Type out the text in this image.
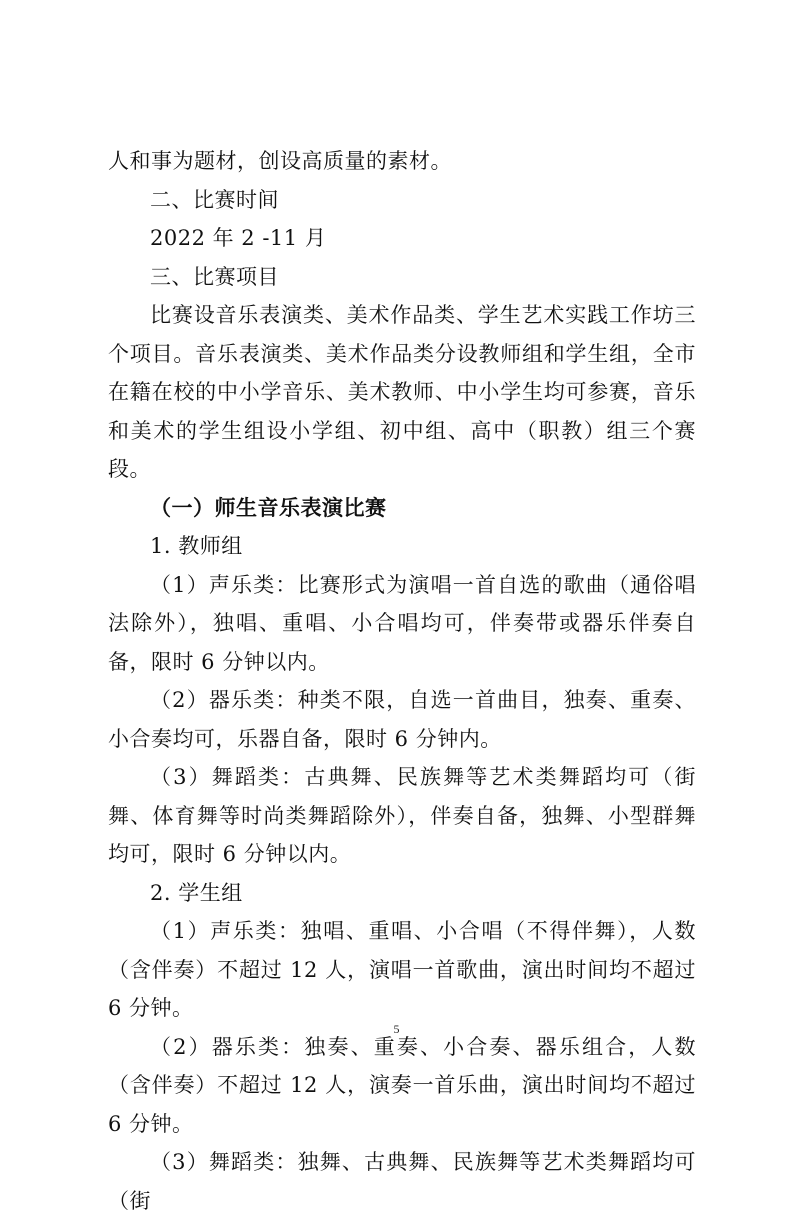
人和事为题材，创设高质量的素材。

二、比赛时间

2022 年 2 -11 月

三、比赛项目

比赛设音乐表演类、美术作品类、学生艺术实践工作坊三个项目。音乐表演类、美术作品类分设教师组和学生组，全市在籍在校的中小学音乐、美术教师、中小学生均可参赛，音乐和美术的学生组设小学组、初中组、高中（职教）组三个赛段。

（一）师生音乐表演比赛

1. 教师组

（1）声乐类：比赛形式为演唱一首自选的歌曲（通俗唱法除外），独唱、重唱、小合唱均可，伴奏带或器乐伴奏自备，限时 6 分钟以内。

（2）器乐类：种类不限，自选一首曲目，独奏、重奏、小合奏均可，乐器自备，限时 6 分钟内。

（3）舞蹈类：古典舞、民族舞等艺术类舞蹈均可（街舞、体育舞等时尚类舞蹈除外），伴奏自备，独舞、小型群舞均可，限时 6 分钟以内。

2. 学生组

（1）声乐类：独唱、重唱、小合唱（不得伴舞），人数（含伴奏）不超过 12 人，演唱一首歌曲，演出时间均不超过 6 分钟。

（2）器乐类：独奏、重奏、小合奏、器乐组合，人数（含伴奏）不超过 12 人，演奏一首乐曲，演出时间均不超过 6 分钟。

（3）舞蹈类：独舞、古典舞、民族舞等艺术类舞蹈均可（街

5
